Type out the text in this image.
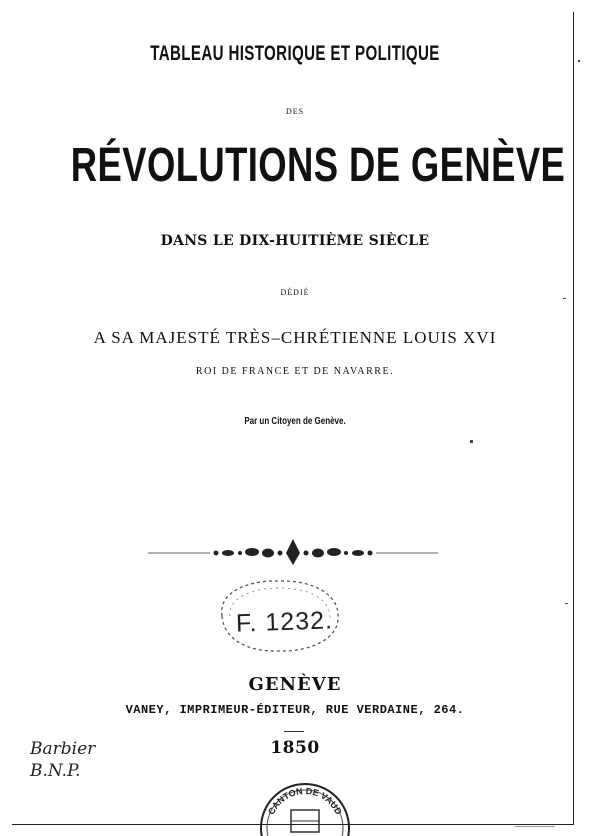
TABLEAU HISTORIQUE ET POLITIQUE
DES
RÉVOLUTIONS DE GENÈVE
DANS LE DIX-HUITIÈME SIÈCLE
DÉDIÉ
A SA MAJESTÉ TRÈS–CHRÉTIENNE LOUIS XVI
ROI DE FRANCE ET DE NAVARRE.
Par un Citoyen de Genève.
F. 1232.
GENÈVE
VANEY, IMPRIMEUR-ÉDITEUR, RUE VERDAINE, 264.
1850
Barbier
B.N.P.
CANTON DE VAUD
